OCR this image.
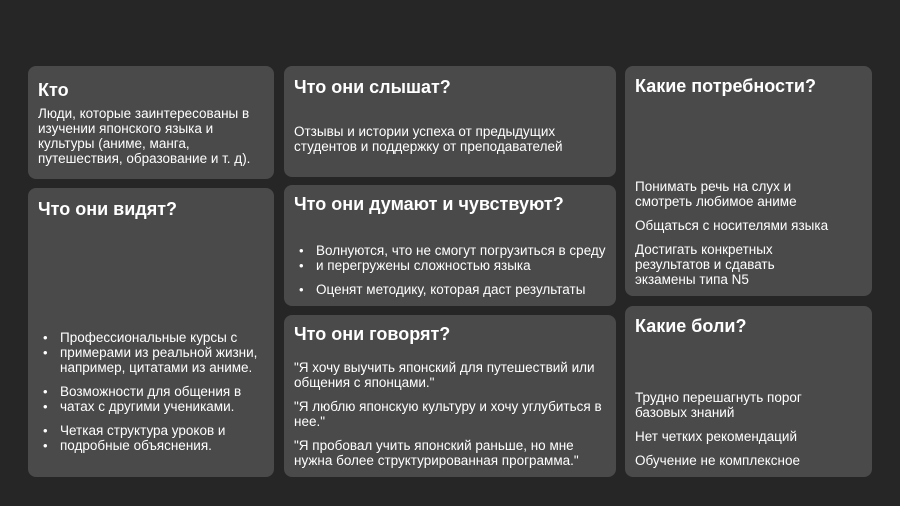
Кто

Люди, которые заинтересованы в изучении японского языка и культуры (аниме, манга, путешествия, образование и т. д).

Что они видят?
•
•
Профессиональные курсы с примерами из реальной жизни, например, цитатами из аниме.
•
•
Возможности для общения в чатах с другими учениками.
•
•
Четкая структура уроков и подробные объяснения.
Что они слышат?

Отзывы и истории успеха от предыдущих студентов и поддержку от преподавателей

Что они думают и чувствуют?
•
•
Волнуются, что не смогут погрузиться в среду и перегружены сложностью языка
• Оценят методику, которая даст результаты
Что они говорят?

"Я хочу выучить японский для путешествий или общения с японцами."

"Я люблю японскую культуру и хочу углубиться в нее."

"Я пробовал учить японский раньше, но мне нужна более структурированная программа."

Какие потребности?

Понимать речь на слух и смотреть любимое аниме

Общаться с носителями языка

Достигать конкретных результатов и сдавать экзамены типа N5

Какие боли?

Трудно перешагнуть порог базовых знаний

Нет четких рекомендаций

Обучение не комплексное
